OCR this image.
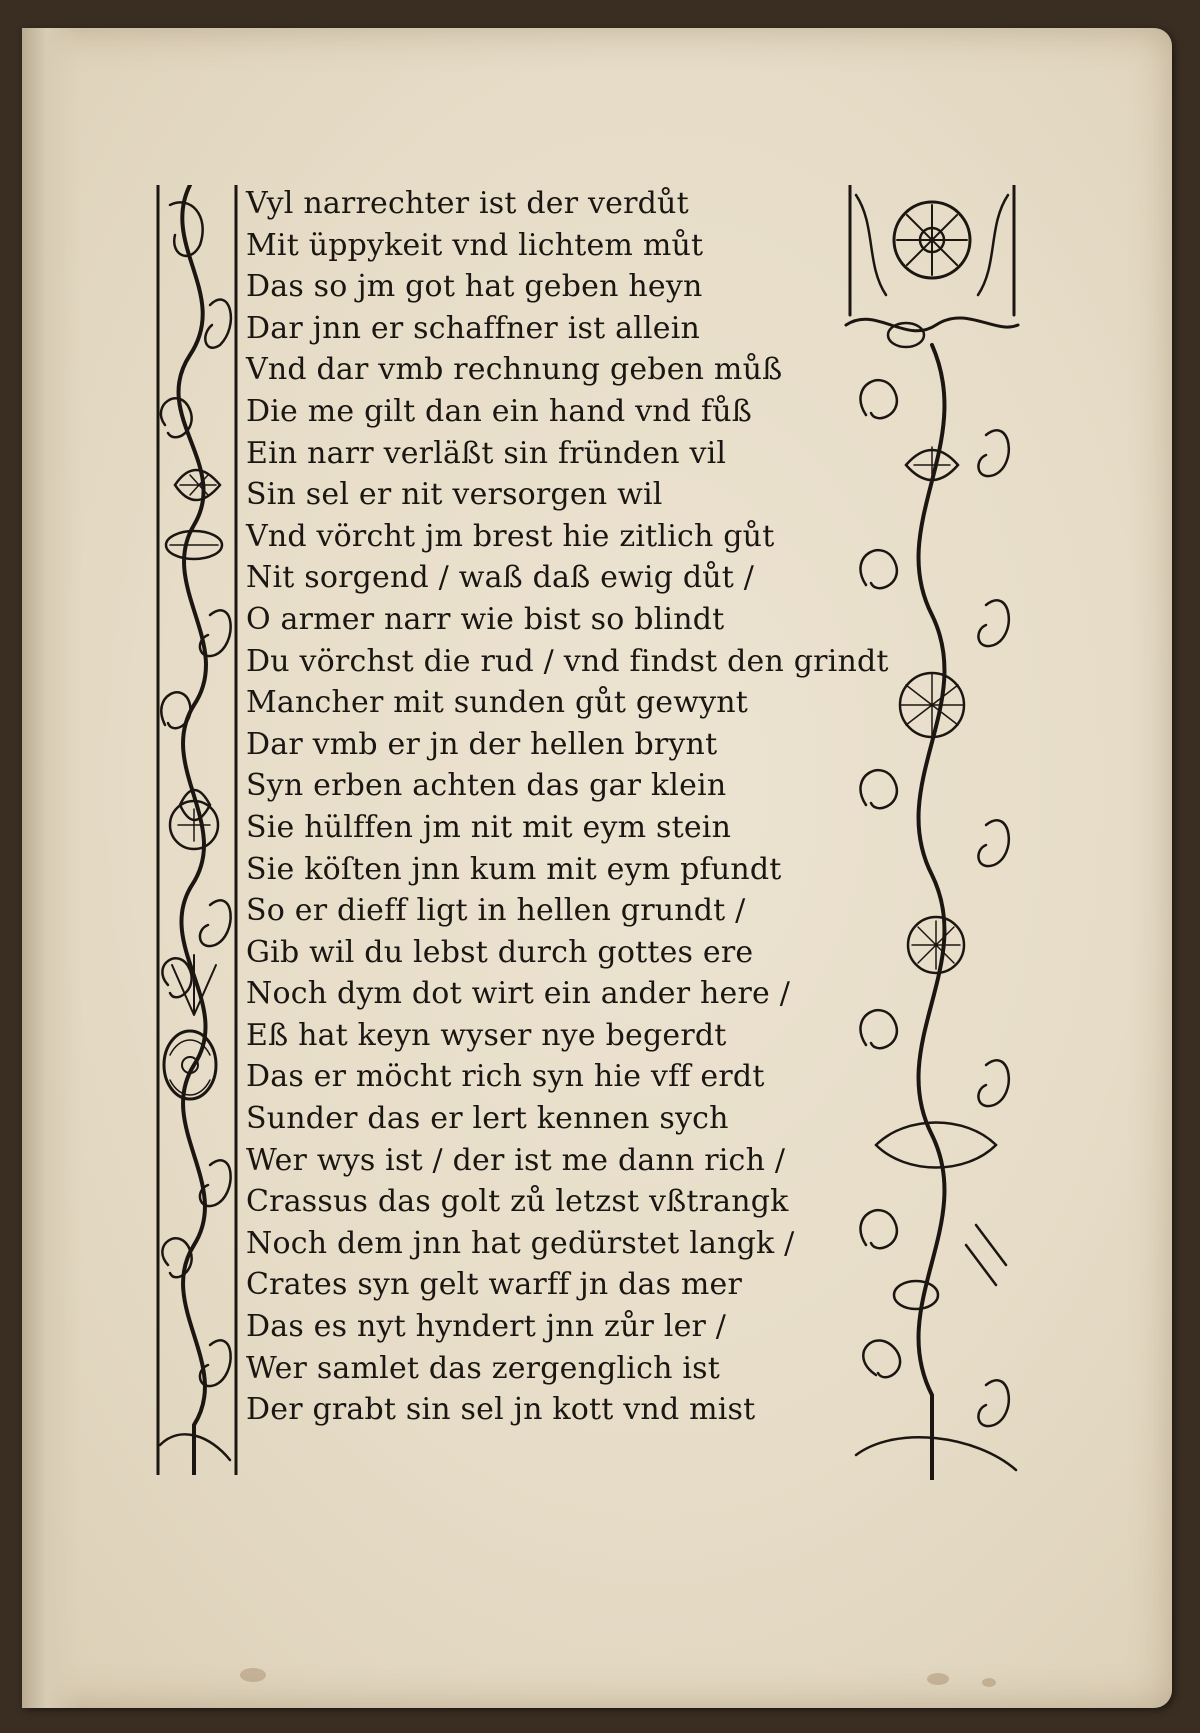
Vyl narrechter ist der verdůt
Mit üppykeit vnd lichtem můt
Das so jm got hat geben heyn
Dar jnn er schaffner ist allein
Vnd dar vmb rechnung geben můß
Die me gilt dan ein hand vnd fůß
Ein narr verläßt sin fründen vil
Sin sel er nit versorgen wil
Vnd vörcht jm brest hie zitlich gůt
Nit sorgend / waß daß ewig důt /
O armer narr wie bist so blindt
Du vörchst die rud / vnd findst den grindt
Mancher mit sunden gůt gewynt
Dar vmb er jn der hellen brynt
Syn erben achten das gar klein
Sie hülffen jm nit mit eym stein
Sie köſten jnn kum mit eym pfundt
So er dieff ligt in hellen grundt /
Gib wil du lebst durch gottes ere
Noch dym dot wirt ein ander here /
Eß hat keyn wyser nye begerdt
Das er möcht rich syn hie vff erdt
Sunder das er lert kennen sych
Wer wys ist / der ist me dann rich /
Crassus das golt zů letzst vßtrangk
Noch dem jnn hat gedürstet langk /
Crates syn gelt warff jn das mer
Das es nyt hyndert jnn zůr ler /
Wer samlet das zergenglich ist
Der grabt sin sel jn kott vnd mist
